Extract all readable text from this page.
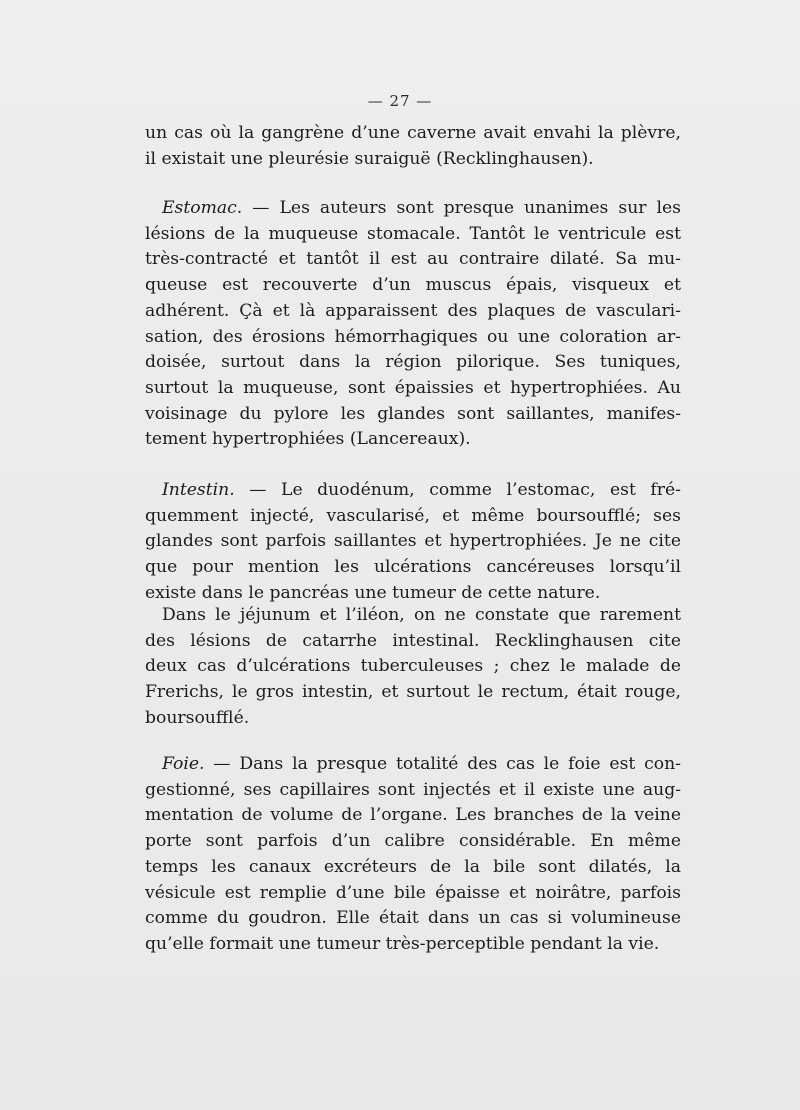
— 27 —
un cas où la gangrène d’une caverne avait envahi la plèvre,
il existait une pleurésie suraiguë (Recklinghausen).
Estomac. — Les auteurs sont presque unanimes sur les
lésions de la muqueuse stomacale. Tantôt le ventricule est
très-contracté et tantôt il est au contraire dilaté. Sa mu-
queuse est recouverte d’un muscus épais, visqueux et
adhérent. Çà et là apparaissent des plaques de vasculari-
sation, des érosions hémorrhagiques ou une coloration ar-
doisée, surtout dans la région pilorique. Ses tuniques,
surtout la muqueuse, sont épaissies et hypertrophiées. Au
voisinage du pylore les glandes sont saillantes, manifes-
tement hypertrophiées (Lancereaux).
Intestin. — Le duodénum, comme l’estomac, est fré-
quemment injecté, vascularisé, et même boursoufflé; ses
glandes sont parfois saillantes et hypertrophiées. Je ne cite
que pour mention les ulcérations cancéreuses lorsqu’il
existe dans le pancréas une tumeur de cette nature.
Dans le jéjunum et l’iléon, on ne constate que rarement
des lésions de catarrhe intestinal. Recklinghausen cite
deux cas d’ulcérations tuberculeuses ; chez le malade de
Frerichs, le gros intestin, et surtout le rectum, était rouge,
boursoufflé.
Foie. — Dans la presque totalité des cas le foie est con-
gestionné, ses capillaires sont injectés et il existe une aug-
mentation de volume de l’organe. Les branches de la veine
porte sont parfois d’un calibre considérable. En même
temps les canaux excréteurs de la bile sont dilatés, la
vésicule est remplie d’une bile épaisse et noirâtre, parfois
comme du goudron. Elle était dans un cas si volumineuse
qu’elle formait une tumeur très-perceptible pendant la vie.
